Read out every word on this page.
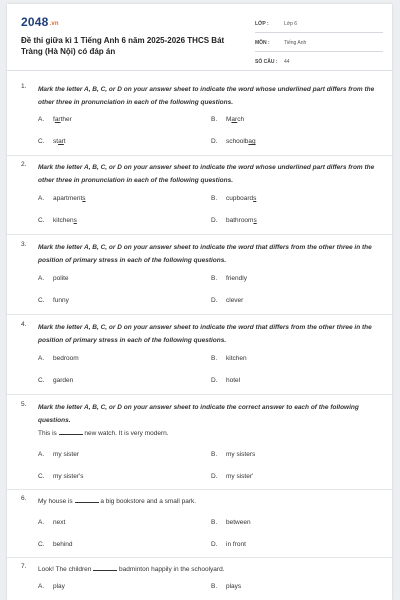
2048.vn
Đề thi giữa kì 1 Tiếng Anh 6 năm 2025-2026 THCS Bát Tràng (Hà Nội) có đáp án
LỚP :	Lớp 6
MÔN :	Tiếng Anh
SỐ CÂU : 44
1. Mark the letter A, B, C, or D on your answer sheet to indicate the word whose underlined part differs from the other three in pronunciation in each of the following questions.
A. farther	B. March
C. start	D. schoolbag
2. Mark the letter A, B, C, or D on your answer sheet to indicate the word whose underlined part differs from the other three in pronunciation in each of the following questions.
A. apartments	B. cupboards
C. kitchens	D. bathrooms
3. Mark the letter A, B, C, or D on your answer sheet to indicate the word that differs from the other three in the position of primary stress in each of the following questions.
A. polite	B. friendly
C. funny	D. clever
4. Mark the letter A, B, C, or D on your answer sheet to indicate the word that differs from the other three in the position of primary stress in each of the following questions.
A. bedroom	B. kitchen
C. garden	D. hotel
5. Mark the letter A, B, C, or D on your answer sheet to indicate the correct answer to each of the following questions.
This is	new watch. It is very modern.
A. my sister	B. my sisters
C. my sister's	D. my sister'
6. My house is	a big bookstore and a small park.
A. next	B. between
C. behind	D. in front
7. Look! The children	badminton happily in the schoolyard.
A. play	B. plays
